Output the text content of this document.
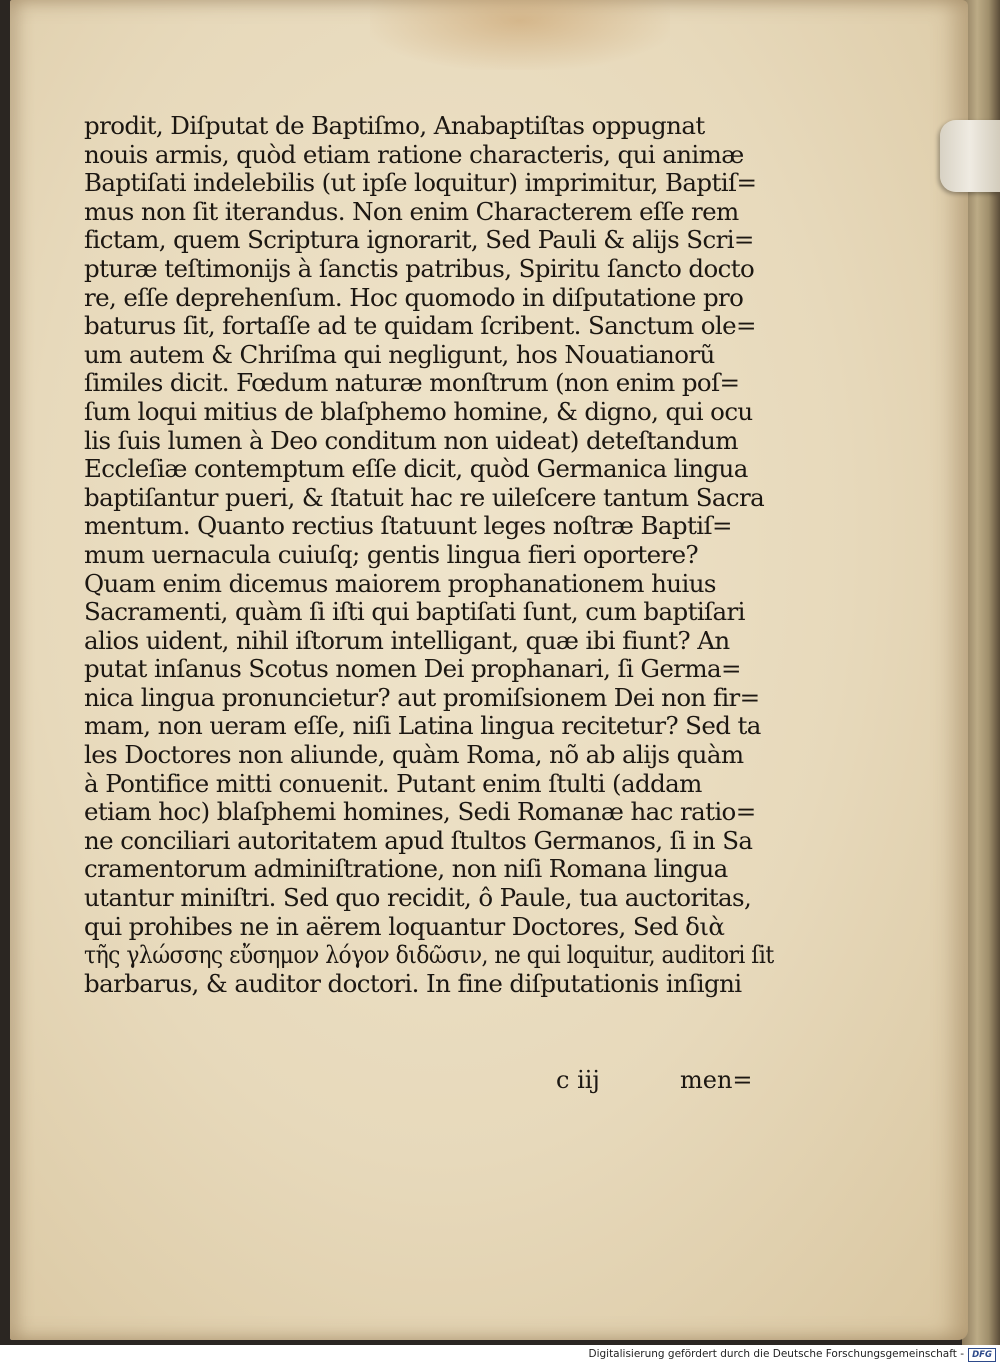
prodit, Diſputat de Baptiſmo, Anabaptiſtas oppugnat
nouis armis, quòd etiam ratione characteris, qui animæ
Baptiſati indelebilis (ut ipſe loquitur) imprimitur, Baptiſ=
mus non ſit iterandus. Non enim Characterem eſſe rem
fictam, quem Scriptura ignorarit, Sed Pauli & alijs Scri=
pturæ teſtimonijs à ſanctis patribus, Spiritu ſancto docto
re, eſſe deprehenſum. Hoc quomodo in diſputatione pro
baturus ſit, fortaſſe ad te quidam ſcribent. Sanctum ole=
um autem & Chriſma qui negligunt, hos Nouatianorũ
ſimiles dicit. Fœdum naturæ monſtrum (non enim poſ=
ſum loqui mitius de blaſphemo homine, & digno, qui ocu
lis ſuis lumen à Deo conditum non uideat) deteſtandum
Eccleſiæ contemptum eſſe dicit, quòd Germanica lingua
baptiſantur pueri, & ſtatuit hac re uileſcere tantum Sacra
mentum. Quanto rectius ſtatuunt leges noſtræ Baptiſ=
mum uernacula cuiuſq; gentis lingua fieri oportere?
Quam enim dicemus maiorem prophanationem huius
Sacramenti, quàm ſi iſti qui baptiſati ſunt, cum baptiſari
alios uident, nihil iſtorum intelligant, quæ ibi fiunt? An
putat inſanus Scotus nomen Dei prophanari, ſi Germa=
nica lingua pronuncietur? aut promiſsionem Dei non fir=
mam, non ueram eſſe, niſi Latina lingua recitetur? Sed ta
les Doctores non aliunde, quàm Roma, nõ ab alijs quàm
à Pontifice mitti conuenit. Putant enim ſtulti (addam
etiam hoc) blaſphemi homines, Sedi Romanæ hac ratio=
ne conciliari autoritatem apud ſtultos Germanos, ſi in Sa
cramentorum adminiſtratione, non niſi Romana lingua
utantur miniſtri. Sed quo recidit, ô Paule, tua auctoritas,
qui prohibes ne in aërem loquantur Doctores, Sed διὰ
τῆς γλώσσης εὔσημον λόγον διδῶσιν, ne qui loquitur, auditori ſit
barbarus, & auditor doctori. In fine diſputationis inſigni
c iij	men=
Digitalisierung gefördert durch die Deutsche Forschungsgemeinschaft - DFG
